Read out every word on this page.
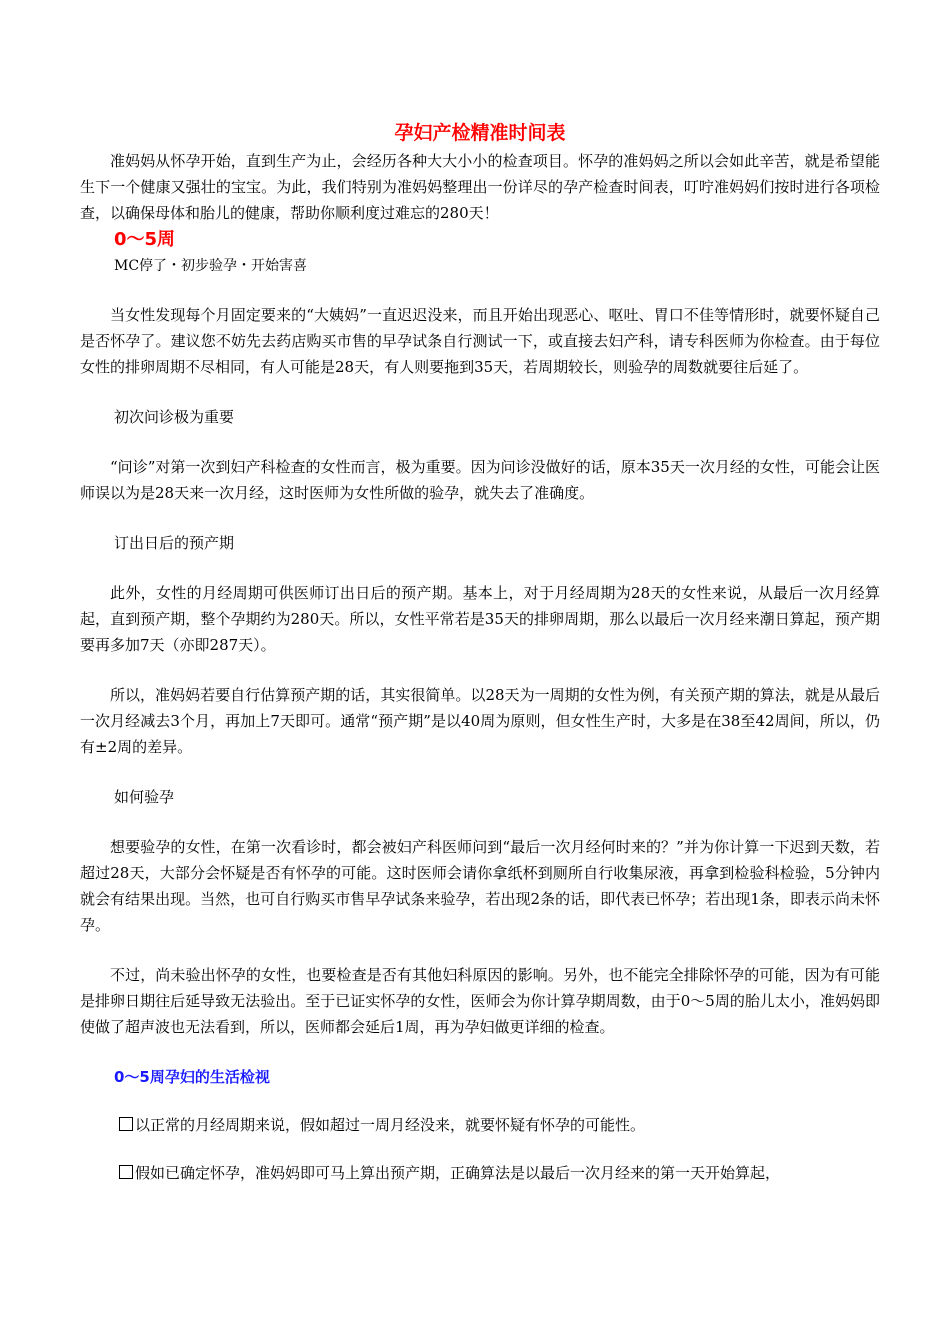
孕妇产检精准时间表

准妈妈从怀孕开始，直到生产为止，会经历各种大大小小的检查项目。怀孕的准妈妈之所以会如此辛苦，就是希望能生下一个健康又强壮的宝宝。为此，我们特别为准妈妈整理出一份详尽的孕产检查时间表，叮咛准妈妈们按时进行各项检查，以确保母体和胎儿的健康，帮助你顺利度过难忘的280天！

0～5周
MC停了・初步验孕・开始害喜

当女性发现每个月固定要来的“大姨妈”一直迟迟没来，而且开始出现恶心、呕吐、胃口不佳等情形时，就要怀疑自己是否怀孕了。建议您不妨先去药店购买市售的早孕试条自行测试一下，或直接去妇产科，请专科医师为你检查。由于每位女性的排卵周期不尽相同，有人可能是28天，有人则要拖到35天，若周期较长，则验孕的周数就要往后延了。

初次问诊极为重要

“问诊”对第一次到妇产科检查的女性而言，极为重要。因为问诊没做好的话，原本35天一次月经的女性，可能会让医师误以为是28天来一次月经，这时医师为女性所做的验孕，就失去了准确度。

订出日后的预产期

此外，女性的月经周期可供医师订出日后的预产期。基本上，对于月经周期为28天的女性来说，从最后一次月经算起，直到预产期，整个孕期约为280天。所以，女性平常若是35天的排卵周期，那么以最后一次月经来潮日算起，预产期要再多加7天（亦即287天）。

所以，准妈妈若要自行估算预产期的话，其实很简单。以28天为一周期的女性为例，有关预产期的算法，就是从最后一次月经减去3个月，再加上7天即可。通常“预产期”是以40周为原则，但女性生产时，大多是在38至42周间，所以，仍有±2周的差异。

如何验孕

想要验孕的女性，在第一次看诊时，都会被妇产科医师问到“最后一次月经何时来的？”并为你计算一下迟到天数，若超过28天，大部分会怀疑是否有怀孕的可能。这时医师会请你拿纸杯到厕所自行收集尿液，再拿到检验科检验，5分钟内就会有结果出现。当然，也可自行购买市售早孕试条来验孕，若出现2条的话，即代表已怀孕；若出现1条，即表示尚未怀孕。

不过，尚未验出怀孕的女性，也要检查是否有其他妇科原因的影响。另外，也不能完全排除怀孕的可能，因为有可能是排卵日期往后延导致无法验出。至于已证实怀孕的女性，医师会为你计算孕期周数，由于0～5周的胎儿太小，准妈妈即使做了超声波也无法看到，所以，医师都会延后1周，再为孕妇做更详细的检查。

0～5周孕妇的生活检视

以正常的月经周期来说，假如超过一周月经没来，就要怀疑有怀孕的可能性。

假如已确定怀孕，准妈妈即可马上算出预产期，正确算法是以最后一次月经来的第一天开始算起，
